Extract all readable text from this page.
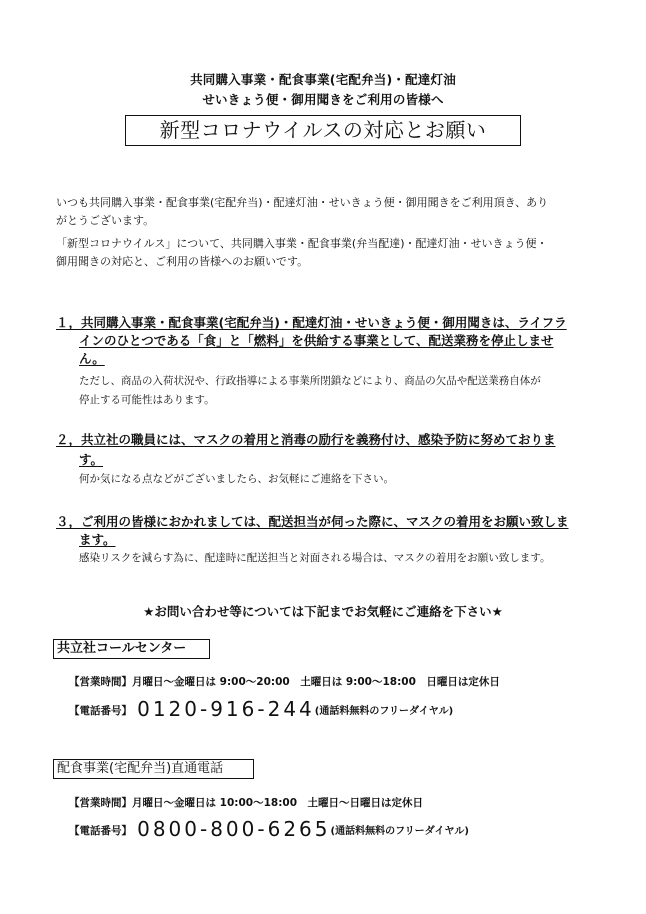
共同購入事業・配食事業(宅配弁当)・配達灯油
せいきょう便・御用聞きをご利用の皆様へ
新型コロナウイルスの対応とお願い
いつも共同購入事業・配食事業(宅配弁当)・配達灯油・せいきょう便・御用聞きをご利用頂き、あり
がとうございます。
「新型コロナウイルス」について、共同購入事業・配食事業(弁当配達)・配達灯油・せいきょう便・
御用聞きの対応と、ご利用の皆様へのお願いです。
１，共同購入事業・配食事業(宅配弁当)・配達灯油・せいきょう便・御用聞きは、ライフラ
インのひとつである「食」と「燃料」を供給する事業として、配送業務を停止しませ
ん。
ただし、商品の入荷状況や、行政指導による事業所閉鎖などにより、商品の欠品や配送業務自体が
停止する可能性はあります。
２，共立社の職員には、マスクの着用と消毒の励行を義務付け、感染予防に努めておりま
す。
何か気になる点などがございましたら、お気軽にご連絡を下さい。
３，ご利用の皆様におかれましては、配送担当が伺った際に、マスクの着用をお願い致しま
ます。
感染リスクを減らす為に、配達時に配送担当と対面される場合は、マスクの着用をお願い致します。
★お問い合わせ等については下記までお気軽にご連絡を下さい★
共立社コールセンター
【営業時間】月曜日～金曜日は 9:00～20:00　土曜日は 9:00～18:00　日曜日は定休日
【電話番号】 0120-916-244(通話料無料のフリーダイヤル)
配食事業(宅配弁当)直通電話
【営業時間】月曜日～金曜日は 10:00～18:00　土曜日～日曜日は定休日
【電話番号】 0800-800-6265(通話料無料のフリーダイヤル)
